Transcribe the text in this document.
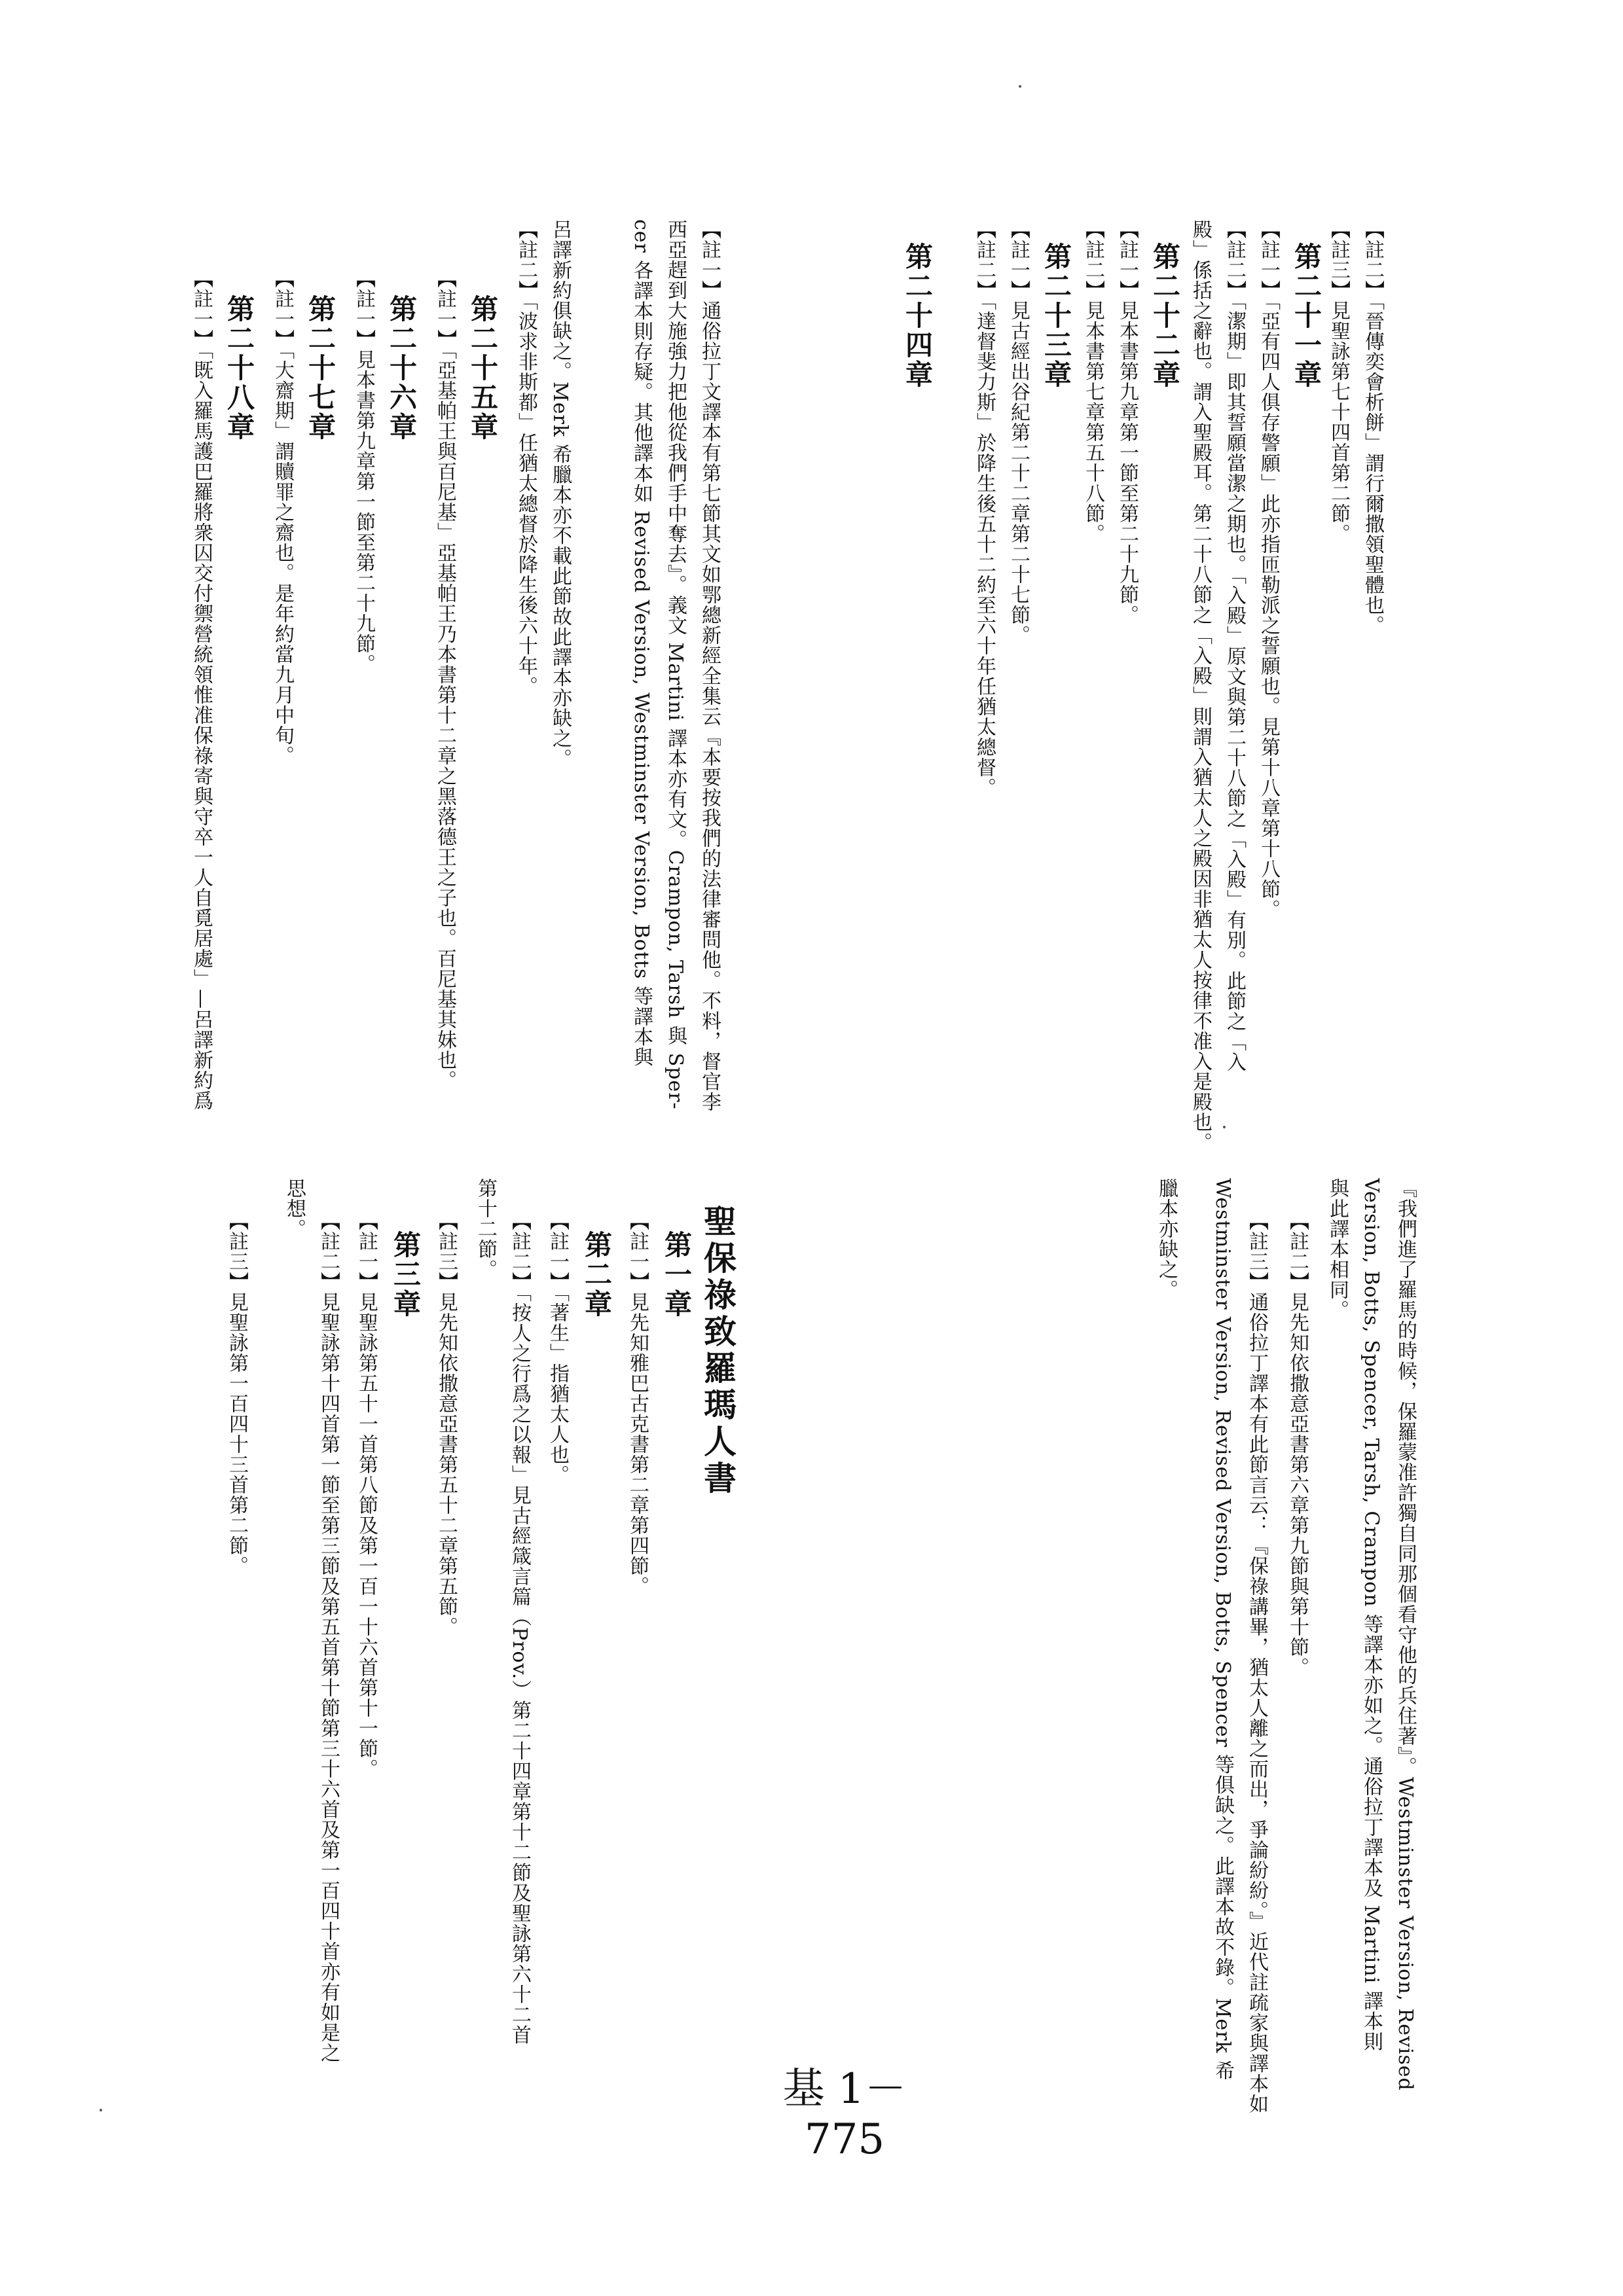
【註二】「晉傳奕會析餅」謂行爾撒領聖體也。
【註三】見聖詠第七十四首第二節。
第二十一章
【註一】「亞有四人俱存警願」此亦指匝勒派之誓願也。見第十八章第十八節。
【註二】「潔期」即其誓願當潔之期也。「入殿」原文與第二十八節之「入殿」有別。此節之「入
殿」係括之辭也。謂入聖殿耳。第二十八節之「入殿」則謂入猶太人之殿因非猶太人按律不准入是殿也。
第二十二章
【註一】見本書第九章第一節至第二十九節。
【註二】見本書第七章第五十八節。
第二十三章
【註一】見古經出谷紀第二十二章第二十七節。
【註二】「達督斐力斯」於降生後五十二約至六十年任猶太總督。
第二十四章
【註一】通俗拉丁文譯本有第七節其文如鄂總新經全集云『本要按我們的法律審問他。不料，督官李
西亞趕到大施強力把他從我們手中奪去』。義文 Martini 譯本亦有文。Crampon, Tarsh 與 Sper-
cer 各譯本則存疑。其他譯本如 Revised Version, Westminster Version, Botts 等譯本與
呂譯新約俱缺之。Merk 希臘本亦不載此節故此譯本亦缺之。
【註二】「波求非斯都」任猶太總督於降生後六十年。
第二十五章
【註一】「亞基帕王與百尼基」亞基帕王乃本書第十二章之黑落德王之子也。百尼基其妹也。
第二十六章
【註一】見本書第九章第一節至第二十九節。
第二十七章
【註一】「大齋期」謂贖罪之齋也。是年約當九月中旬。
第二十八章
【註一】「既入羅馬護巴羅將衆囚交付禦營統領惟准保祿寄與守卒一人自覓居處」—呂譯新約爲
『我們進了羅馬的時候，保羅蒙准許獨自同那個看守他的兵住著』。Westminster Version, Revised
Version, Botts, Spencer, Tarsh, Crampon 等譯本亦如之。通俗拉丁譯本及 Martini 譯本則
與此譯本相同。
【註二】見先知依撒意亞書第六章第九節與第十節。
【註三】通俗拉丁譯本有此節言云：『保祿講畢，猶太人離之而出，爭論紛紛。』近代註疏家與譯本如
Westminster Version, Revised Version, Botts, Spencer 等俱缺之。此譯本故不錄。Merk 希
臘本亦缺之。
聖保祿致羅瑪人書
第一章
【註一】見先知雅巴古克書第二章第四節。
第二章
【註一】「著生」指猶太人也。
【註二】「按人之行爲之以報」見古經箴言篇（Prov.）第二十四章第十二節及聖詠第六十二首
第十二節。
【註三】見先知依撒意亞書第五十二章第五節。
第三章
【註一】見聖詠第五十一首第八節及第一百一十六首第十一節。
【註二】見聖詠第十四首第一節至第三節及第五首第十節第三十六首及第一百四十首亦有如是之
思想。
【註三】見聖詠第一百四十三首第二節。
基 1－775
